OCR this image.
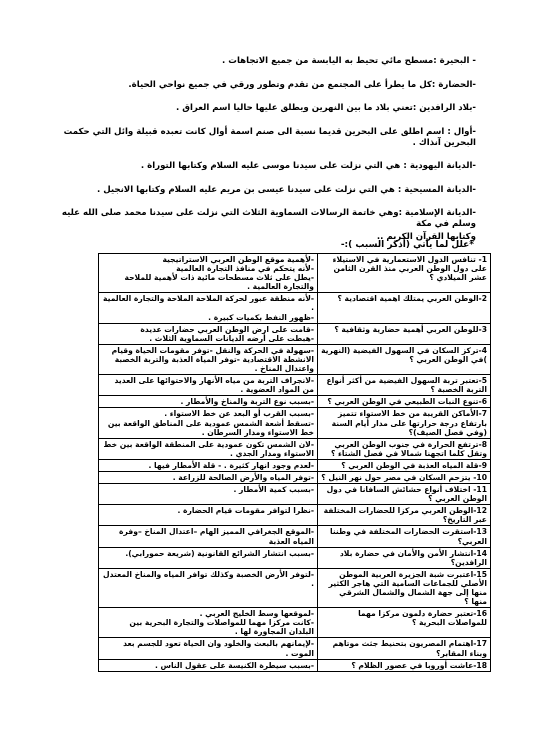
- البحيرة :مسطح مائي تحيط به اليابسة من جميع الاتجاهات .
-الحضارة :كل ما يطرأ على المجتمع من تقدم وتطور ورقي في جميع نواحي الحياة.
-بلاد الرافدين :تعني بلاد ما بين النهرين ويطلق عليها حاليا اسم العراق .
-أوال : اسم اطلق على البحرين قديما نسبة الى صنم اسمة أوال كانت تعبده قبيلة وائل التي حكمت البحرين آنذاك .
-الديانة اليهودية : هي التي نزلت على سيدنا موسى عليه السلام وكتابها التوراة .
-الديانة المسيحية : هي التي نزلت على سيدنا عيسى بن مريم عليه السلام وكتابها الانجيل .
-الديانة الإسلامية :وهي خاتمة الرسالات السماوية الثلاث التي نزلت على سيدنا محمد صلى الله عليه وسلم في مكة
وكتابها القرآن الكريم ..
*علل لما يأتي (أذكر السبب ):-
1- تنافس الدول الاستعمارية في الاستيلاء على دول الوطن العربي منذ القرن الثامن عشر الميلادي ؟	-لأهمية موقع الوطن العربي الاستراتيجية
-لأنه يتحكم في منافذ التجارة العالمية
-يطل على ثلاث مسطحات مائية ذات لأهمية للملاحة والتجارة العالمية .
2-الوطن العربي يمتلك اهمية اقتصادية ؟	-لأنه منطقة عبور لحركة الملاحة الملاحة والتجارة العالمية .
-ظهور النفط بكميات كبيرة .
3-للوطن العربي أهمية حضارية وثقافية ؟	-قامت على ارض الوطن العربي حضارات عديدة
-هبطت على أرضه الديانات السماوية الثلاث .
4-تركز السكان في السهول الفيضية (النهرية )في الوطن العربي ؟	-سهولة في الحركة والنقل -توفر مقومات الحياة وقيام الانشطة الاقتصادية -توفر المياة العذبة والتربة الخصبة واعتدال المناخ .
5-تعتبر تربة السهول الفيضية من أكثر أنواع التربة الخصبة ؟	-لانجراف التربة من مياه الأنهار والاحتوائها على العديد من المواد العضوية .
6-تنوع النبات الطبيعي في الوطن العربي ؟	-بسبب نوع التربة والمناخ والأمطار .
7-الأماكن القريبة من خط الاستواء تتميز بارتفاع درجة حرارتها على مدار أيام السنة (وفي فصل الصيف)؟	-بسبب القرب أو البعد عن خط الاستواء .
-تسقط أشعة الشمس عمودية على المناطق الواقعة بين خط الاستواء ومدار السرطان .
8-ترتفع الحرارة في جنوب الوطن العربي وتقل كلما اتجهنا شمالا في فصل الشتاء ؟	-لان الشمس تكون عمودية على المنطقة الواقعة بين خط الاستواء ومدار الجدي .
9-قلة المياه العذبة في الوطن العربي ؟	-لعدم وجود انهار كثيرة . - قلة الأمطار فيها .
10- يتزحم السكان في مصر حول نهر النيل ؟	-توفر المياه والأرض الصالحة للزراعة .
11- اختلاف أنواع حشائش السافانا في دول الوطن العربي ؟	-بسبب كمية الأمطار .
12-الوطن العربي مركزا للحضارات المختلفة عبر التاريخ؟	-نظرا لتوافر مقومات قيام الحضارة .
13-استقرت الحضارات المختلفة في وطننا العربي؟	-الموقع الجغرافي المميز الهام –اعتدال المناخ –وفرة المياه العذبة
14-انتشار الأمن والأمان في حضارة بلاد الرافدين؟	-بسبب انتشار الشرائع القانونية (شريعة حمورابي).
15-اعتبرت شبة الجزيرة العربية الموطن الأصلي للجماعات السامية التي هاجر الكثير منها إلى جهة الشمال والشمال الشرقي منها ؟	-لتوفر الأرض الخصبة وكذلك توافر المياه والمناخ المعتدل .
16-تعتبر حضارة دلمون مركزا مهما للمواصلات البحرية ؟	-لموقعها وسط الخليج العربي .
-كانت مركزا مهما للمواصلات والتجارة البحرية بين البلدان المجاورة لها .
17-اهتمام المصريون بتحنيط جثث موتاهم وبناء المقابر؟	-لإيمانهم بالبعث والخلود وان الحياة تعود للجسم بعد الموت .
18-عاشت أوروبا في عصور الظلام ؟	-بسبب سيطرة الكنيسة على عقول الناس .
